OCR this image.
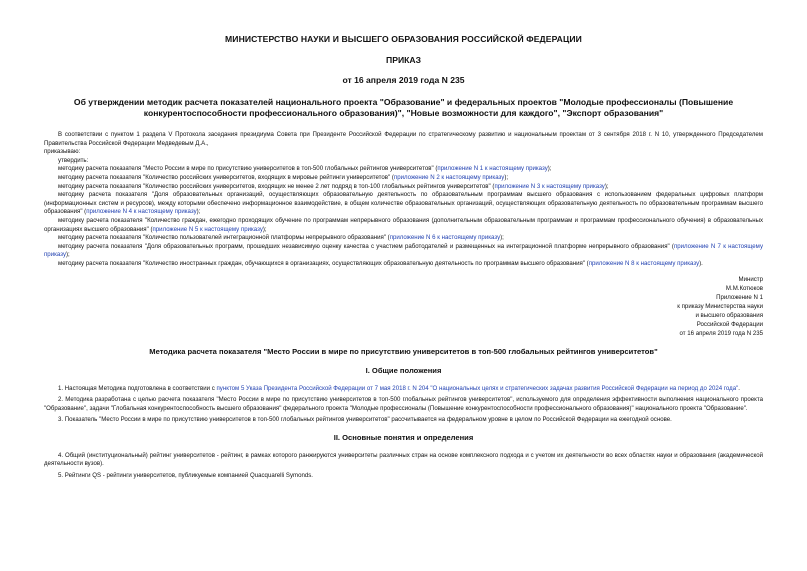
МИНИСТЕРСТВО НАУКИ И ВЫСШЕГО ОБРАЗОВАНИЯ РОССИЙСКОЙ ФЕДЕРАЦИИ
ПРИКАЗ
от 16 апреля 2019 года N 235
Об утверждении методик расчета показателей национального проекта "Образование" и федеральных проектов "Молодые профессионалы (Повышение конкурентоспособности профессионального образования)", "Новые возможности для каждого", "Экспорт образования"

В соответствии с пунктом 1 раздела V Протокола заседания президиума Совета при Президенте Российской Федерации по стратегическому развитию и национальным проектам от 3 сентября 2018 г. N 10, утвержденного Председателем Правительства Российской Федерации Медведевым Д.А.,

приказываю:

утвердить:

методику расчета показателя "Место России в мире по присутствию университетов в топ-500 глобальных рейтингов университетов" (приложение N 1 к настоящему приказу);

методику расчета показателя "Количество российских университетов, входящих в мировые рейтинги университетов" (приложение N 2 к настоящему приказу);

методику расчета показателя "Количество российских университетов, входящих не менее 2 лет подряд в топ-100 глобальных рейтингов университетов" (приложение N 3 к настоящему приказу);

методику расчета показателя "Доля образовательных организаций, осуществляющих образовательную деятельность по образовательным программам высшего образования с использованием федеральных цифровых платформ (информационных систем и ресурсов), между которыми обеспечено информационное взаимодействие, в общем количестве образовательных организаций, осуществляющих образовательную деятельность по образовательным программам высшего образования" (приложение N 4 к настоящему приказу);

методику расчета показателя "Количество граждан, ежегодно проходящих обучение по программам непрерывного образования (дополнительным образовательным программам и программам профессионального обучения) в образовательных организациях высшего образования" (приложение N 5 к настоящему приказу);

методику расчета показателя "Количество пользователей интеграционной платформы непрерывного образования" (приложение N 6 к настоящему приказу);

методику расчета показателя "Доля образовательных программ, прошедших независимую оценку качества с участием работодателей и размещенных на интеграционной платформе непрерывного образования" (приложение N 7 к настоящему приказу);

методику расчета показателя "Количество иностранных граждан, обучающихся в организациях, осуществляющих образовательную деятельность по программам высшего образования" (приложение N 8 к настоящему приказу).

Министр
М.М.Котюков
Приложение N 1
к приказу Министерства науки
и высшего образования
Российской Федерации
от 16 апреля 2019 года N 235
Методика расчета показателя "Место России в мире по присутствию университетов в топ-500 глобальных рейтингов университетов"
I. Общие положения

1. Настоящая Методика подготовлена в соответствии с пунктом 5 Указа Президента Российской Федерации от 7 мая 2018 г. N 204 "О национальных целях и стратегических задачах развития Российской Федерации на период до 2024 года".

2. Методика разработана с целью расчета показателя "Место России в мире по присутствию университетов в топ-500 глобальных рейтингов университетов", используемого для определения эффективности выполнения национального проекта "Образование", задачи "Глобальная конкурентоспособность высшего образования" федерального проекта "Молодые профессионалы (Повышение конкурентоспособности профессионального образования)" национального проекта "Образование".

3. Показатель "Место России в мире по присутствию университетов в топ-500 глобальных рейтингов университетов" рассчитывается на федеральном уровне в целом по Российской Федерации на ежегодной основе.

II. Основные понятия и определения

4. Общий (институциональный) рейтинг университетов - рейтинг, в рамках которого ранжируются университеты различных стран на основе комплексного подхода и с учетом их деятельности во всех областях науки и образования (академической деятельности вузов).

5. Рейтинги QS - рейтинги университетов, публикуемые компанией Quacquarelli Symonds.
